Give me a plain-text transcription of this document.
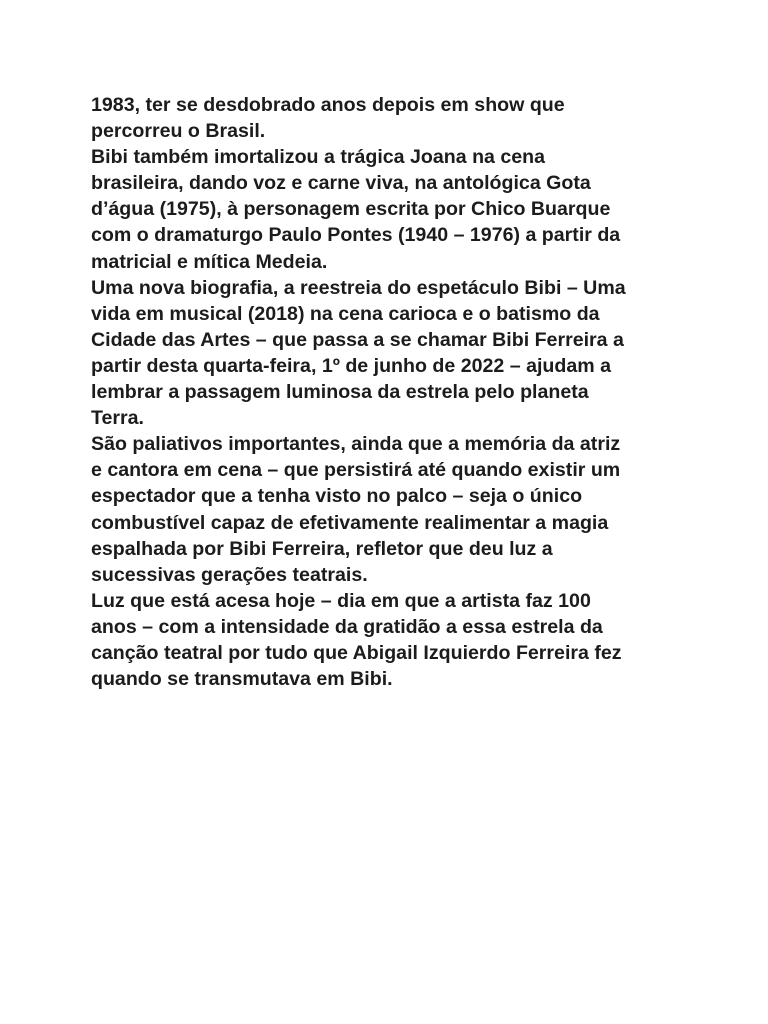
1983, ter se desdobrado anos depois em show que
percorreu o Brasil.
Bibi também imortalizou a trágica Joana na cena
brasileira, dando voz e carne viva, na antológica Gota
d’água (1975), à personagem escrita por Chico Buarque
com o dramaturgo Paulo Pontes (1940 – 1976) a partir da
matricial e mítica Medeia.
Uma nova biografia, a reestreia do espetáculo Bibi – Uma
vida em musical (2018) na cena carioca e o batismo da
Cidade das Artes – que passa a se chamar Bibi Ferreira a
partir desta quarta-feira, 1º de junho de 2022 – ajudam a
lembrar a passagem luminosa da estrela pelo planeta
Terra.
São paliativos importantes, ainda que a memória da atriz
e cantora em cena – que persistirá até quando existir um
espectador que a tenha visto no palco – seja o único
combustível capaz de efetivamente realimentar a magia
espalhada por Bibi Ferreira, refletor que deu luz a
sucessivas gerações teatrais.
Luz que está acesa hoje – dia em que a artista faz 100
anos – com a intensidade da gratidão a essa estrela da
canção teatral por tudo que Abigail Izquierdo Ferreira fez
quando se transmutava em Bibi.
